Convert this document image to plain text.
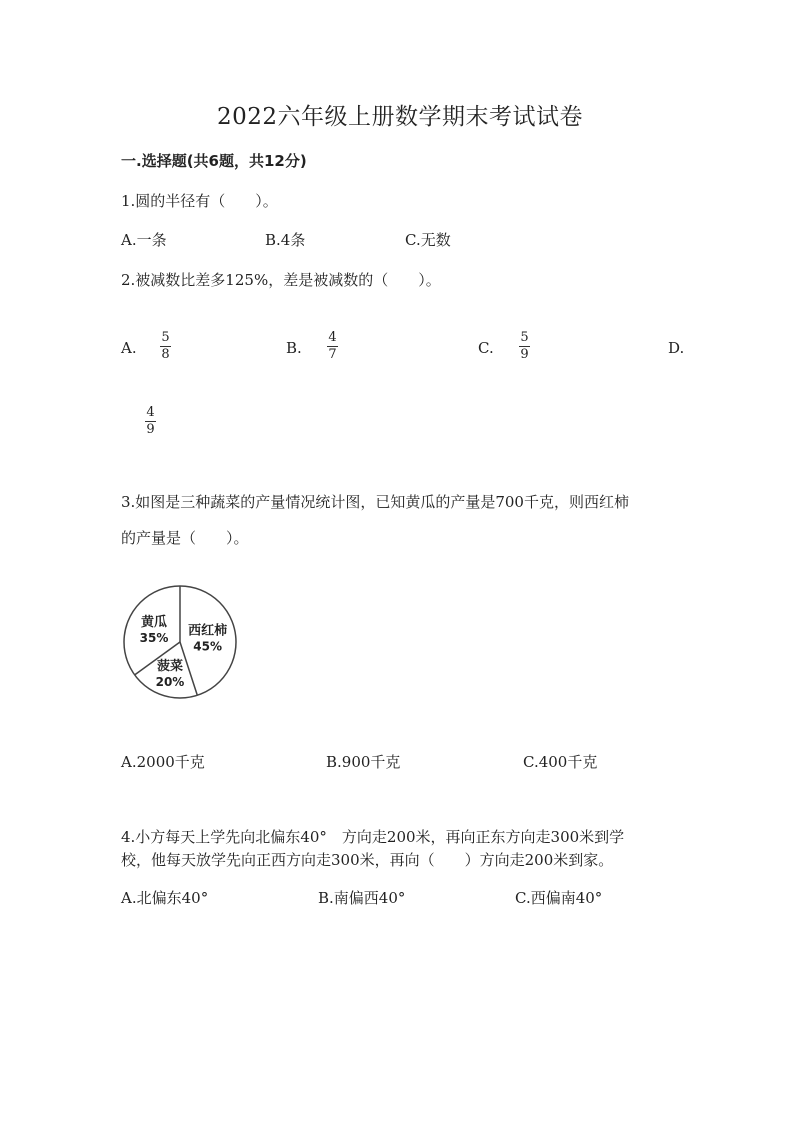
2022六年级上册数学期末考试试卷
一.选择题(共6题，共12分)
1.圆的半径有（　　）。
A.一条	B.4条	C.无数
2.被减数比差多125%，差是被减数的（　　）。
A.
5
8	B.
4
7	C.
5
9	D.
4
9
3.如图是三种蔬菜的产量情况统计图，已知黄瓜的产量是700千克，则西红柿
的产量是（　　）。
西红柿
45%
菠菜
20%
黄瓜
35%
A.2000千克	B.900千克	C.400千克
4.小方每天上学先向北偏东40°　方向走200米，再向正东方向走300米到学
校，他每天放学先向正西方向走300米，再向（　　）方向走200米到家。
A.北偏东40°	B.南偏西40°	C.西偏南40°
